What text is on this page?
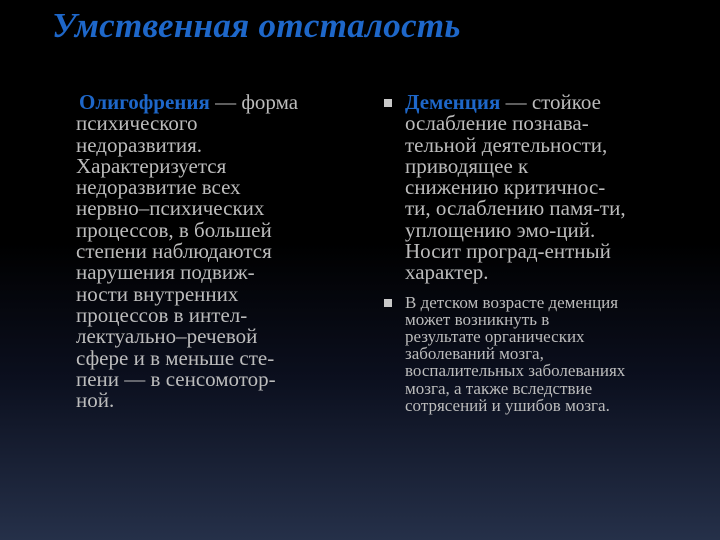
Умственная отсталость
Олигофрения — форма
психического
недоразвития.
Характеризуется
недоразвитие всех
нервно–психических
процессов, в большей
степени наблюдаются
нарушения подвиж-
ности внутренних
процессов в интел-
лектуально–речевой
сфере и в меньше сте-
пени — в сенсомотор-
ной.
Деменция — стойкое
ослабление познава-
тельной деятельности,
приводящее к
снижению критичнос-
ти, ослаблению памя-ти,
уплощению эмо-ций.
Носит проград-ентный
характер.
В детском возрасте деменция
может возникнуть в
результате органических
заболеваний мозга,
воспалительных заболеваниях
мозга, а также вследствие
сотрясений и ушибов мозга.
